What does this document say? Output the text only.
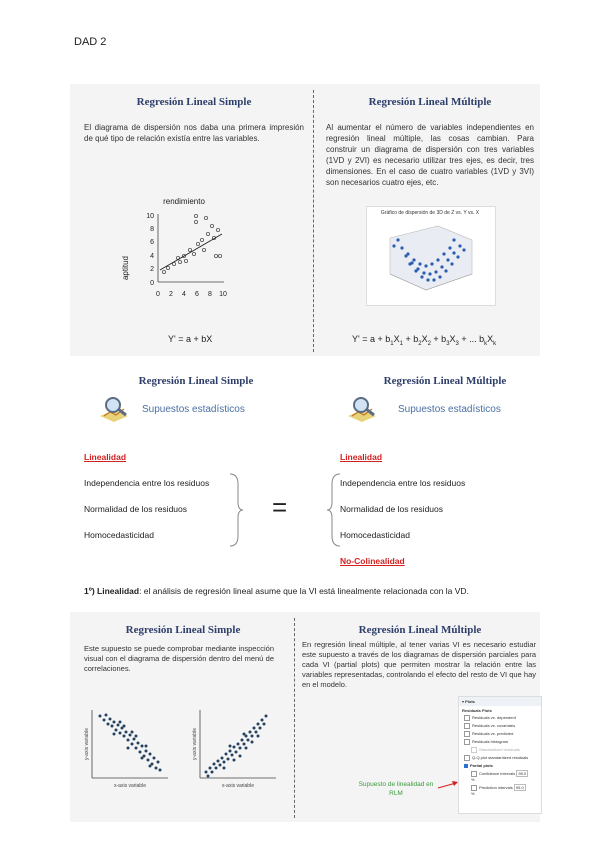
DAD 2
Regresión Lineal Simple	Regresión Lineal Múltiple
El diagrama de dispersión nos daba una primera impresión de qué tipo de relación existía entre las variables.
Al aumentar el número de variables independientes en regresión lineal múltiple, las cosas cambian. Para construir un diagrama de dispersión con tres variables (1VD y 2VI) es necesario utilizar tres ejes, es decir, tres dimensiones. En el caso de cuatro variables (1VD y 3VI) son necesarios cuatro ejes, etc.
rendimiento
aptitud
10
8
6
4
2
0
0 2 4 6 8 10
Gráfico de dispersión de 3D de Z vs. Y vs. X
Y' = a + bX	$Y' = a + b_1X_1 + b_2X_2 + b_3X_3$ + ... $b_kX_k$
Regresión Lineal Simple	Regresión Lineal Múltiple
Supuestos estadísticos	Supuestos estadísticos
Linealidad
Independencia entre los residuos
Normalidad de los residuos
Homocedasticidad
=
Linealidad
Independencia entre los residuos
Normalidad de los residuos
Homocedasticidad
No-Colinealidad
1º) Linealidad: el análisis de regresión lineal asume que la VI está linealmente relacionada con la VD.
Regresión Lineal Simple	Regresión Lineal Múltiple
Este supuesto se puede comprobar mediante inspección visual con el diagrama de dispersión dentro del menú de correlaciones.
En regresión lineal múltiple, al tener varias VI es necesario estudiar este supuesto a través de los diagramas de dispersión parciales para cada VI (partial plots) que permiten mostrar la relación entre las variables representadas, controlando el efecto del resto de VI que hay en el modelo.
y-axis variable
x-axis variable
y-axis variable
x-axis variable	Supuesto de linealidad en RLM
▾ Plots
Residuals Plots
Residuals vs. dependent
Residuals vs. covariates
Residuals vs. predicted
Residuals histogram
Standardized residuals
Q-Q plot standardized residuals
Partial plots
Confidence intervals 95.0%
Prediction intervals 95.0%
